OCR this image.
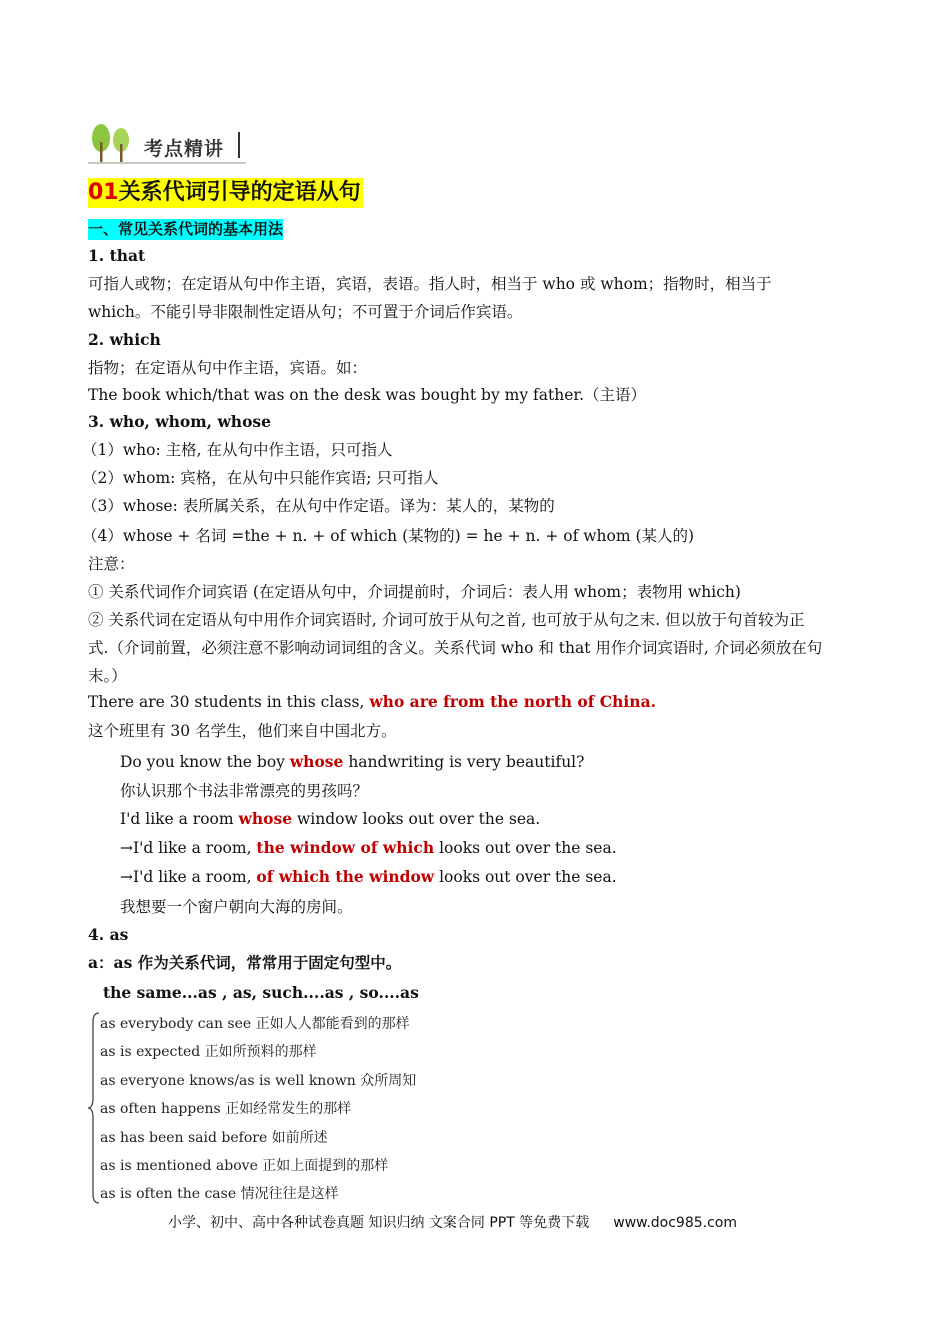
考点精讲
01关系代词引导的定语从句
一、常见关系代词的基本用法
1. that
可指人或物；在定语从句中作主语，宾语，表语。指人时，相当于 who 或 whom；指物时，相当于
which。不能引导非限制性定语从句；不可置于介词后作宾语。
2. which
指物；在定语从句中作主语，宾语。如：
The book which/that was on the desk was bought by my father.（主语）
3. who, whom, whose
（1）who: 主格, 在从句中作主语，只可指人
（2）whom: 宾格，在从句中只能作宾语; 只可指人
（3）whose: 表所属关系，在从句中作定语。译为：某人的，某物的
（4）whose + 名词 =the + n. + of which (某物的) = he + n. + of whom (某人的)
注意：
① 关系代词作介词宾语 (在定语从句中，介词提前时，介词后：表人用 whom；表物用 which)
② 关系代词在定语从句中用作介词宾语时, 介词可放于从句之首, 也可放于从句之末. 但以放于句首较为正
式.（介词前置，必须注意不影响动词词组的含义。关系代词 who 和 that 用作介词宾语时, 介词必须放在句
末。）
There are 30 students in this class, who are from the north of China.
这个班里有 30 名学生，他们来自中国北方。
Do you know the boy whose handwriting is very beautiful?
你认识那个书法非常漂亮的男孩吗？
I'd like a room whose window looks out over the sea.
→I'd like a room, the window of which looks out over the sea.
→I'd like a room, of which the window looks out over the sea.
我想要一个窗户朝向大海的房间。
4. as
a：as 作为关系代词，常常用于固定句型中。
the same...as , as, such....as , so....as
as everybody can see 正如人人都能看到的那样
as is expected 正如所预料的那样
as everyone knows/as is well known 众所周知
as often happens 正如经常发生的那样
as has been said before 如前所述
as is mentioned above 正如上面提到的那样
as is often the case 情况往往是这样
小学、初中、高中各种试卷真题 知识归纳 文案合同 PPT 等免费下载 www.doc985.com
